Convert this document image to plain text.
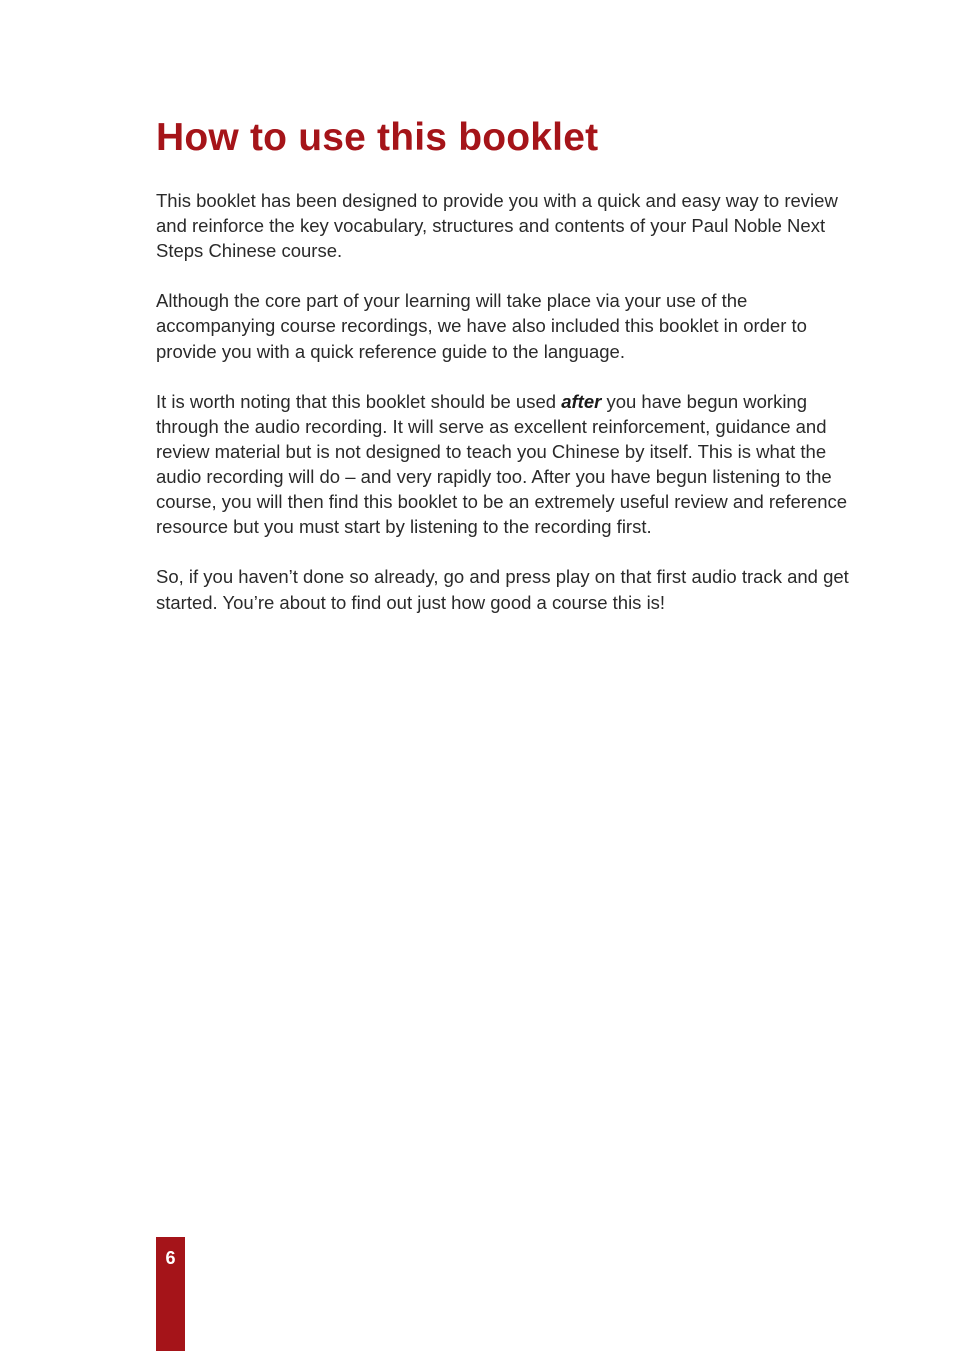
How to use this booklet

This booklet has been designed to provide you with a quick and easy way to review and reinforce the key vocabulary, structures and contents of your Paul Noble Next Steps Chinese course.

Although the core part of your learning will take place via your use of the accompanying course recordings, we have also included this booklet in order to provide you with a quick reference guide to the language.

It is worth noting that this booklet should be used after you have begun working through the audio recording. It will serve as excellent reinforcement, guidance and review material but is not designed to teach you Chinese by itself. This is what the audio recording will do – and very rapidly too. After you have begun listening to the course, you will then find this booklet to be an extremely useful review and reference resource but you must start by listening to the recording first.

So, if you haven’t done so already, go and press play on that first audio track and get started. You’re about to find out just how good a course this is!

6
